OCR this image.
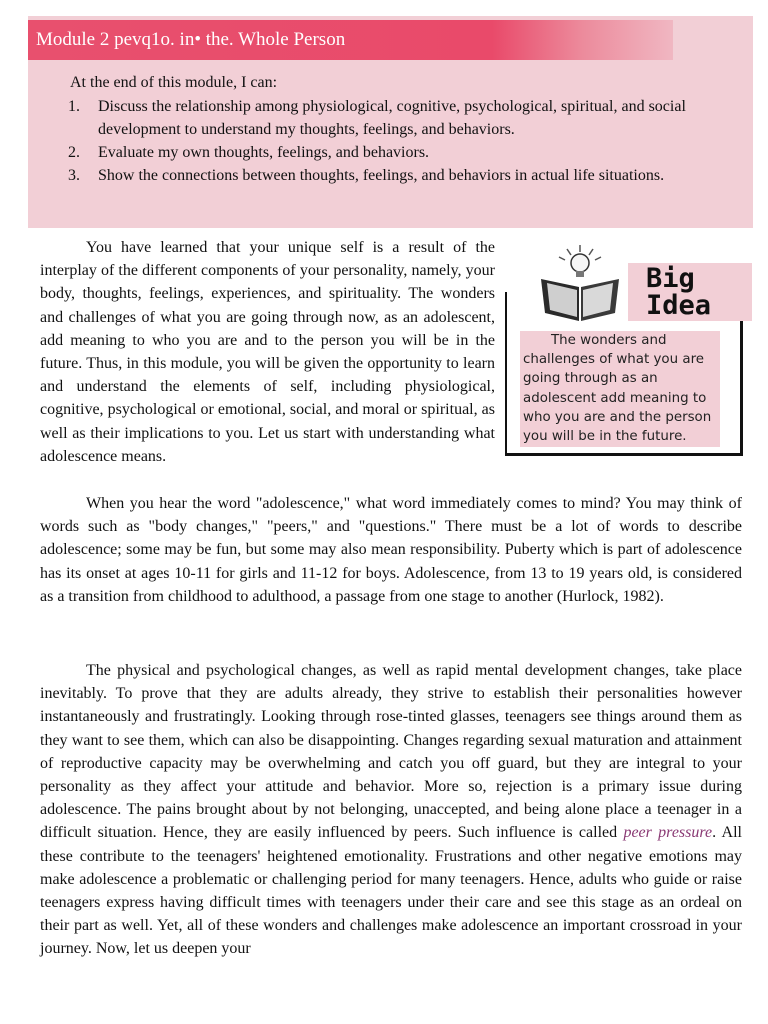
Module 2 pevq1o. in• the. Whole Person
At the end of this module, I can:
1. Discuss the relationship among physiological, cognitive, psychological, spiritual, and social development to understand my thoughts, feelings, and behaviors.
2. Evaluate my own thoughts, feelings, and behaviors.
3. Show the connections between thoughts, feelings, and behaviors in actual life situations.

You have learned that your unique self is a result of the interplay of the different components of your personality, namely, your body, thoughts, feelings, experiences, and spirituality. The wonders and challenges of what you are going through now, as an adolescent, add meaning to who you are and to the person you will be in the future. Thus, in this module, you will be given the opportunity to learn and understand the elements of self, including physiological, cognitive, psychological or emotional, social, and moral or spiritual, as well as their implications to you. Let us start with understanding what adolescence means.

When you hear the word "adolescence," what word immediately comes to mind? You may think of words such as "body changes," "peers," and "questions." There must be a lot of words to describe adolescence; some may be fun, but some may also mean responsibility. Puberty which is part of adolescence has its onset at ages 10-11 for girls and 11-12 for boys. Adolescence, from 13 to 19 years old, is considered as a transition from childhood to adulthood, a passage from one stage to another (Hurlock, 1982).

The physical and psychological changes, as well as rapid mental development changes, take place inevitably. To prove that they are adults already, they strive to establish their personalities however instantaneously and frustratingly. Looking through rose-tinted glasses, teenagers see things around them as they want to see them, which can also be disappointing. Changes regarding sexual maturation and attainment of reproductive capacity may be overwhelming and catch you off guard, but they are integral to your personality as they affect your attitude and behavior. More so, rejection is a primary issue during adolescence. The pains brought about by not belonging, unaccepted, and being alone place a teenager in a difficult situation. Hence, they are easily influenced by peers. Such influence is called peer pressure. All these contribute to the teenagers' heightened emotionality. Frustrations and other negative emotions may make adolescence a problematic or challenging period for many teenagers. Hence, adults who guide or raise teenagers express having difficult times with teenagers under their care and see this stage as an ordeal on their part as well. Yet, all of these wonders and challenges make adolescence an important crossroad in your journey. Now, let us deepen your

Big
Idea
The wonders and challenges of what you are going through as an adolescent add meaning to who you are and the person you will be in the future.
